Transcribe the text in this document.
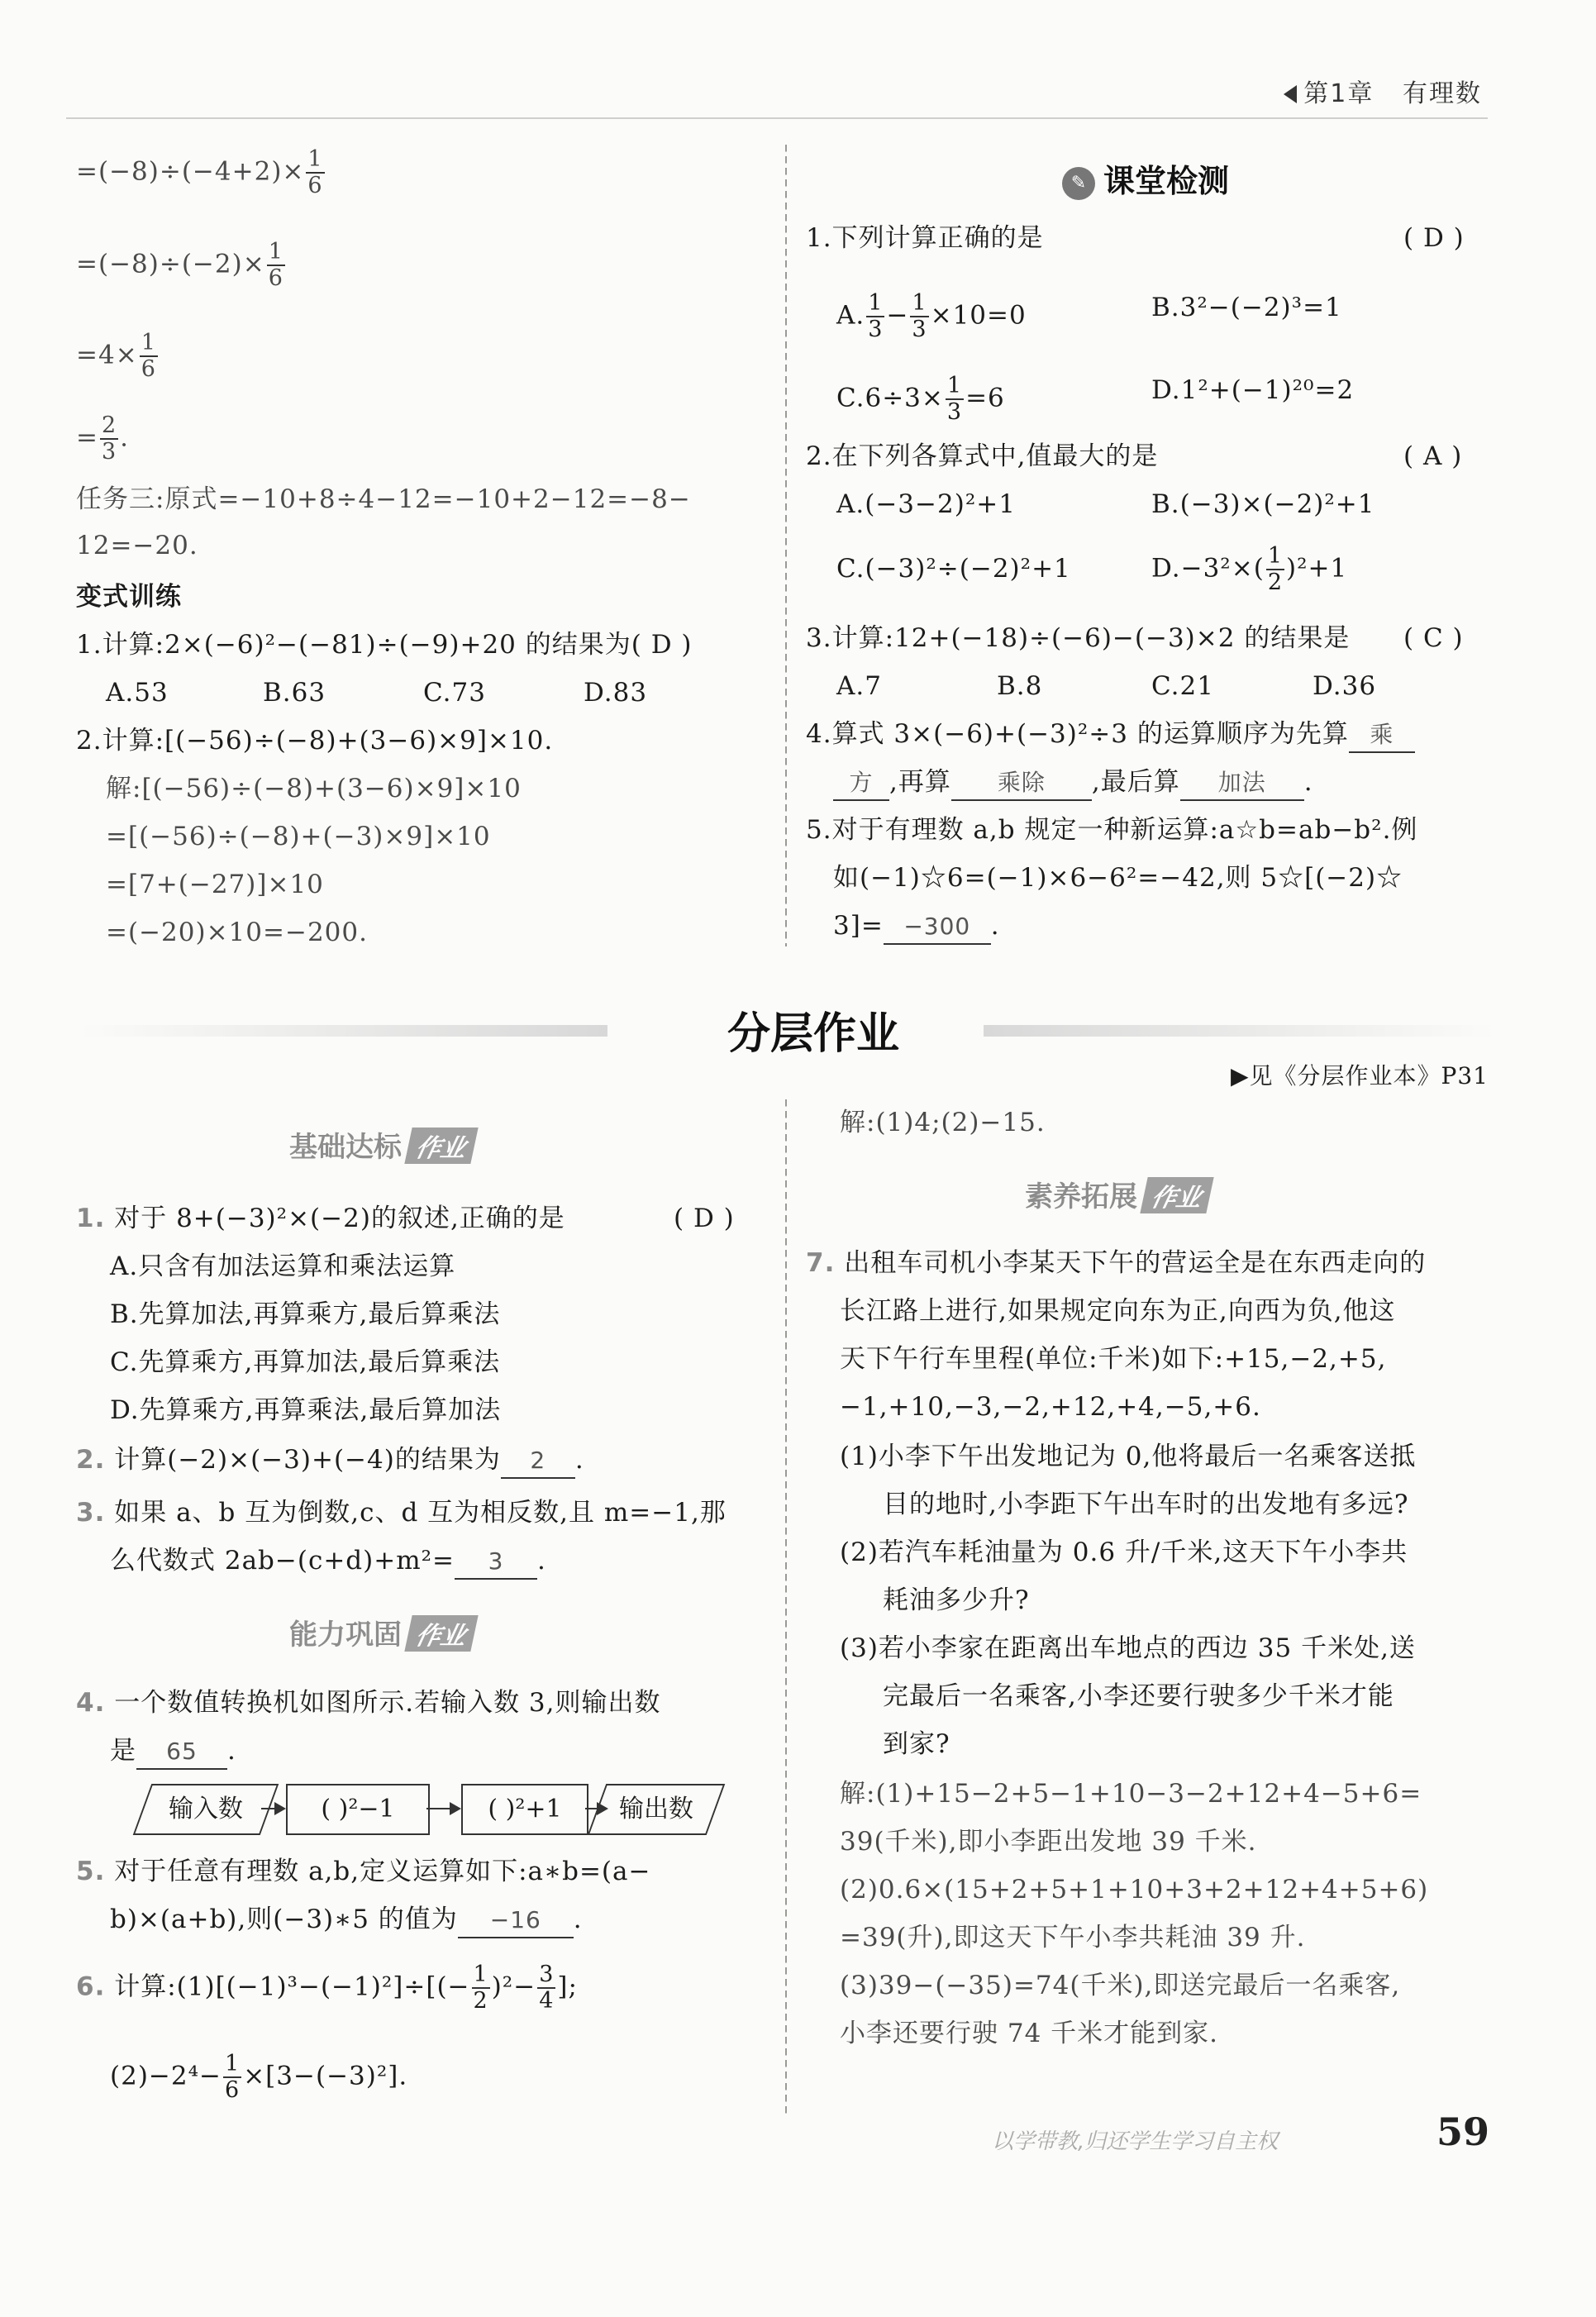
第1章 有理数
$=(-8)\div(-4+2)\times \frac{1}{6}$
$=(-8)\div(-2)\times \frac{1}{6}$
$=4\times \frac{1}{6}$
= $\frac{2}{3}$ .
任务三:原式=−10+8÷4−12=−10+2−12=−8−
12=−20.
变式训练
1.计算:2×(−6)²−(−81)÷(−9)+20 的结果为( D )
A.53	B.63	C.73	D.83
2.计算:[(−56)÷(−8)+(3−6)×9]×10.
解:[(−56)÷(−8)+(3−6)×9]×10
=[(−56)÷(−8)+(−3)×9]×10
=[7+(−27)]×10
=(−20)×10=−200.
✎ 课堂检测
1.下列计算正确的是	( D )
A. $\frac{1}{3} - \frac{1}{3} \times 10=0$	B.3²−(−2)³=1
$C.6\div 3\times \frac{1}{3} =6$	D.1²+(−1)²⁰=2
2.在下列各算式中,值最大的是	( A )
A.(−3−2)²+1	B.(−3)×(−2)²+1
C.(−3)²÷(−2)²+1	$D.-3^2\times( \frac{1}{2} )^2+1$
3.计算:12+(−18)÷(−6)−(−3)×2 的结果是 ( C )
A.7	B.8	C.21	D.36
4.算式 3×(−6)+(−3)²÷3 的运算顺序为先算 乘
方 ,再算 乘除 ,最后算 加法 .
5.对于有理数 a,b 规定一种新运算:a☆b=ab−b².例
如(−1)☆6=(−1)×6−6²=−42,则 5☆[(−2)☆
3]= −300 .
分层作业
▶见《分层作业本》P31
基础达标 作业
1. 对于 8+(−3)²×(−2)的叙述,正确的是	( D )
A.只含有加法运算和乘法运算
B.先算加法,再算乘方,最后算乘法
C.先算乘方,再算加法,最后算乘法
D.先算乘方,再算乘法,最后算加法
2. 计算(−2)×(−3)+(−4)的结果为 2 .
3. 如果 a、b 互为倒数,c、d 互为相反数,且 m=−1,那
么代数式 2ab−(c+d)+m²= 3 .
能力巩固 作业
4. 一个数值转换机如图所示.若输入数 3,则输出数
是 65 .
输入数	( )²−1	( )²+1	输出数
5. 对于任意有理数 a,b,定义运算如下:a∗b=(a−
b)×(a+b),则(−3)∗5 的值为 −16 .
6. 计算:(1)[(−1)³−(−1)²]÷[(− $\frac{1}{2} )^2- \frac{3}{4}$ ];
$(2)-2^4- \frac{1}{6} \times[3-(-3)^2]$.
解:(1)4;(2)−15.
素养拓展 作业
7. 出租车司机小李某天下午的营运全是在东西走向的
长江路上进行,如果规定向东为正,向西为负,他这
天下午行车里程(单位:千米)如下:+15,−2,+5,
−1,+10,−3,−2,+12,+4,−5,+6.
(1)小李下午出发地记为 0,他将最后一名乘客送抵
目的地时,小李距下午出车时的出发地有多远?
(2)若汽车耗油量为 0.6 升/千米,这天下午小李共
耗油多少升?
(3)若小李家在距离出车地点的西边 35 千米处,送
完最后一名乘客,小李还要行驶多少千米才能
到家?
解:(1)+15−2+5−1+10−3−2+12+4−5+6=
39(千米),即小李距出发地 39 千米.
(2)0.6×(15+2+5+1+10+3+2+12+4+5+6)
=39(升),即这天下午小李共耗油 39 升.
(3)39−(−35)=74(千米),即送完最后一名乘客,
小李还要行驶 74 千米才能到家.
以学带教,归还学生学习自主权	59
